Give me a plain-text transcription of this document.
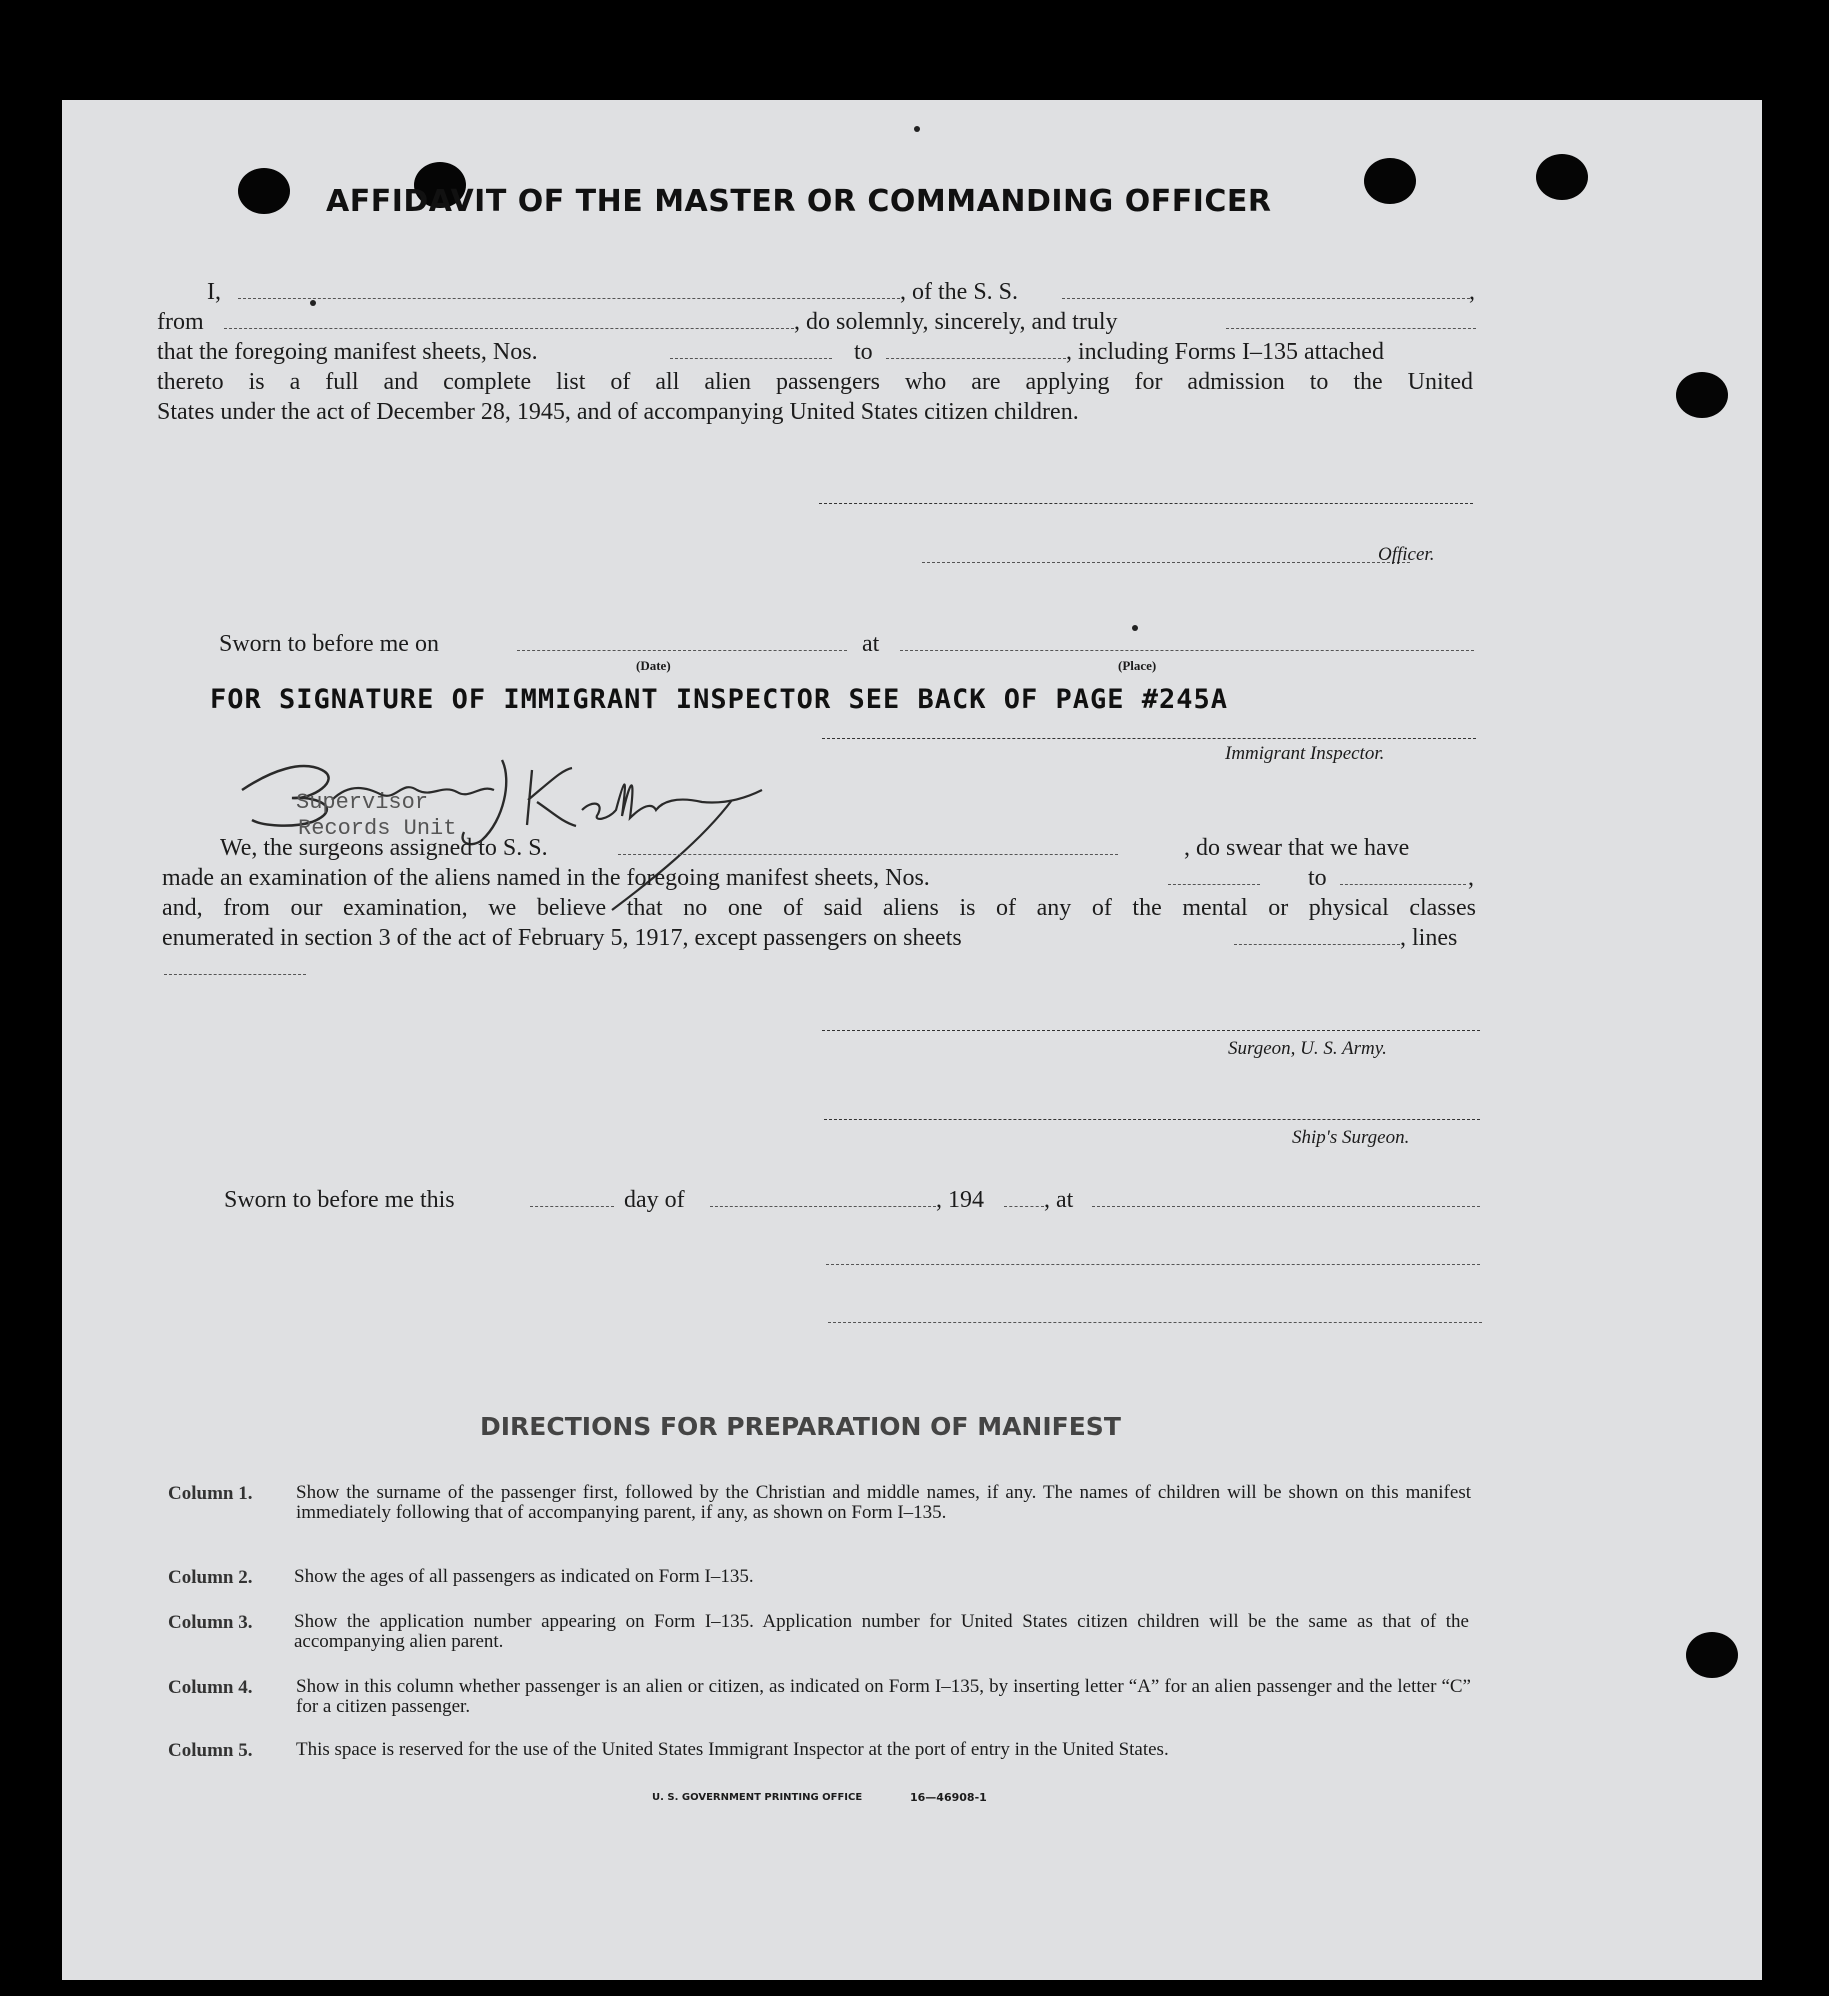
AFFIDAVIT OF THE MASTER OR COMMANDING OFFICER
I,	, of the S. S.	,
from	, do solemnly, sincerely, and truly
that the foregoing manifest sheets, Nos.	to	, including Forms I–135 attached
thereto is a full and complete list of all alien passengers who are applying for admission to the United
States under the act of December 28, 1945, and of accompanying United States citizen children.
Officer.
Sworn to before me on	at
(Date)	(Place)
FOR SIGNATURE OF IMMIGRANT INSPECTOR SEE BACK OF PAGE #245A
Immigrant Inspector.
Supervisor
Records Unit
We, the surgeons assigned to S. S.	, do swear that we have
made an examination of the aliens named in the foregoing manifest sheets, Nos.	to	,
and, from our examination, we believe that no one of said aliens is of any of the mental or physical classes
enumerated in section 3 of the act of February 5, 1917, except passengers on sheets	, lines
Surgeon, U. S. Army.
Ship's Surgeon.
Sworn to before me this	day of	, 194	, at
DIRECTIONS FOR PREPARATION OF MANIFEST
Column 1. Show the surname of the passenger first, followed by the Christian and middle names, if any. The names of children will be shown on this manifest immediately following that of accompanying parent, if any, as shown on Form I–135.
Column 2. Show the ages of all passengers as indicated on Form I–135.
Column 3. Show the application number appearing on Form I–135. Application number for United States citizen children will be the same as that of the accompanying alien parent.
Column 4. Show in this column whether passenger is an alien or citizen, as indicated on Form I–135, by inserting letter “A” for an alien passenger and the letter “C” for a citizen passenger.
Column 5. This space is reserved for the use of the United States Immigrant Inspector at the port of entry in the United States.
U. S. GOVERNMENT PRINTING OFFICE	16—46908-1
